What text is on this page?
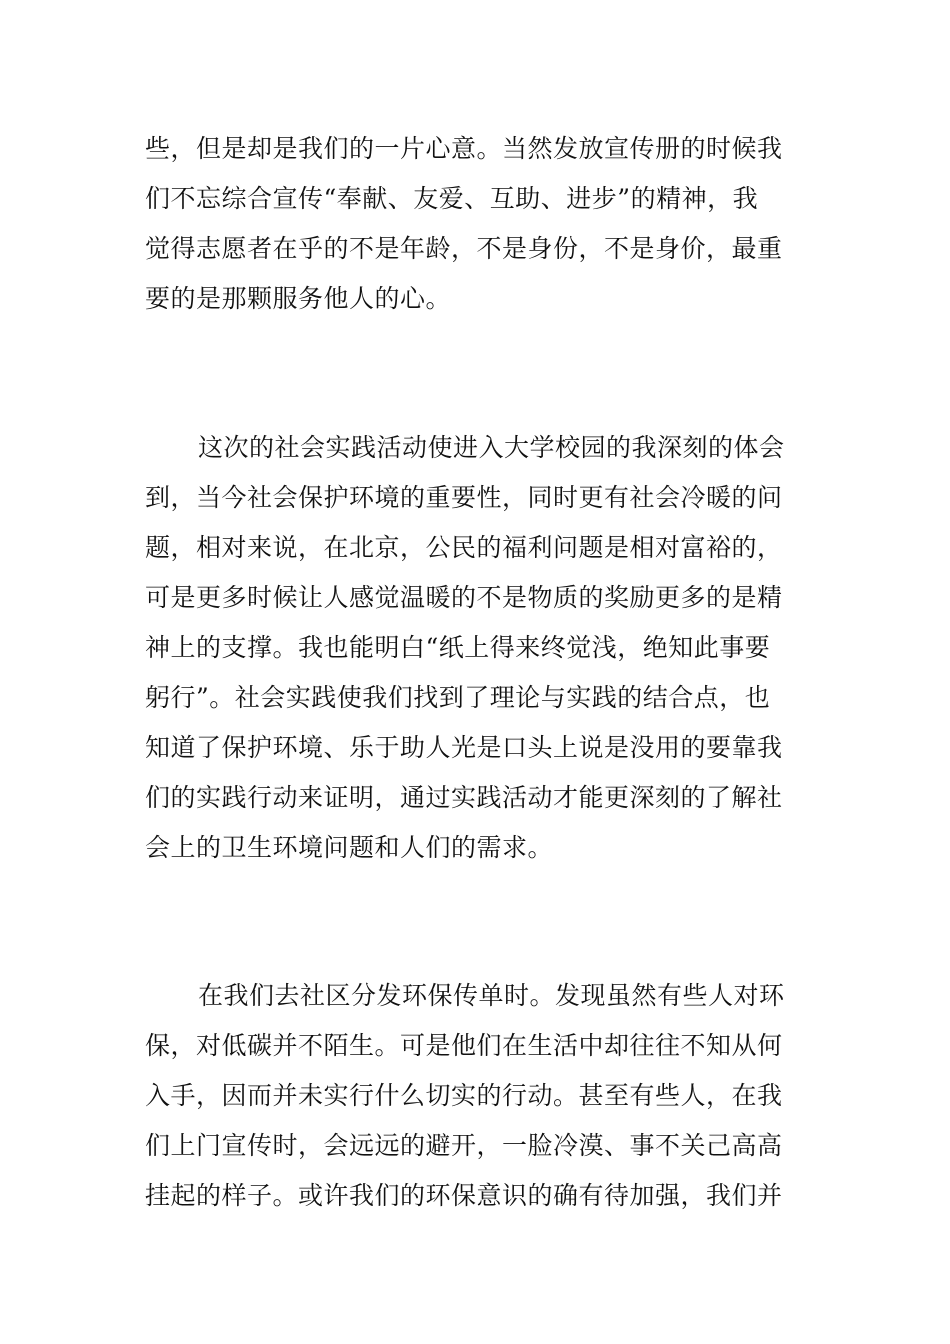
些，但是却是我们的一片心意。当然发放宣传册的时候我
们不忘综合宣传“奉献、友爱、互助、进步”的精神，我
觉得志愿者在乎的不是年龄，不是身份，不是身价，最重
要的是那颗服务他人的心。
这次的社会实践活动使进入大学校园的我深刻的体会
到，当今社会保护环境的重要性，同时更有社会冷暖的问
题，相对来说，在北京，公民的福利问题是相对富裕的，
可是更多时候让人感觉温暖的不是物质的奖励更多的是精
神上的支撑。我也能明白“纸上得来终觉浅，绝知此事要
躬行”。社会实践使我们找到了理论与实践的结合点，也
知道了保护环境、乐于助人光是口头上说是没用的要靠我
们的实践行动来证明，通过实践活动才能更深刻的了解社
会上的卫生环境问题和人们的需求。
在我们去社区分发环保传单时。发现虽然有些人对环
保，对低碳并不陌生。可是他们在生活中却往往不知从何
入手，因而并未实行什么切实的行动。甚至有些人，在我
们上门宣传时，会远远的避开，一脸冷漠、事不关己高高
挂起的样子。或许我们的环保意识的确有待加强，我们并
